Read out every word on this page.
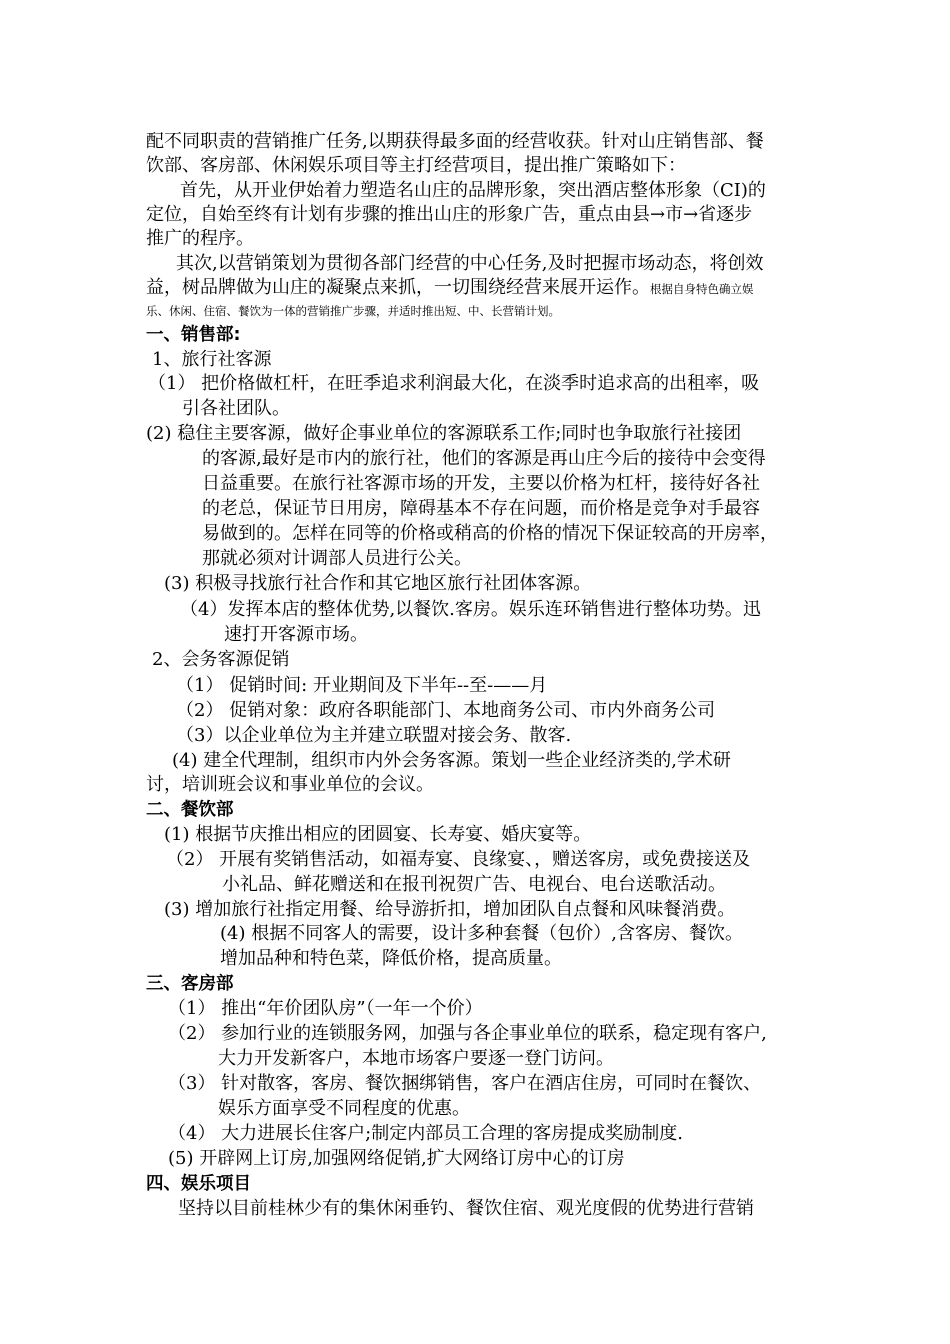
配不同职责的营销推广任务,以期获得最多面的经营收获。针对山庄销售部、餐
饮部、客房部、休闲娱乐项目等主打经营项目，提出推广策略如下：
首先，从开业伊始着力塑造名山庄的品牌形象，突出酒店整体形象（CI)的
定位，自始至终有计划有步骤的推出山庄的形象广告，重点由县→市→省逐步
推广的程序。
其次,以营销策划为贯彻各部门经营的中心任务,及时把握市场动态，将创效
益，树品牌做为山庄的凝聚点来抓，一切围绕经营来展开运作。根据自身特色确立娱
乐、休闲、住宿、餐饮为一体的营销推广步骤，并适时推出短、中、长营销计划。
一、销售部:
1、旅行社客源
（1） 把价格做杠杆，在旺季追求利润最大化，在淡季时追求高的出租率，吸
引各社团队。
(2) 稳住主要客源，做好企事业单位的客源联系工作;同时也争取旅行社接团
的客源,最好是市内的旅行社，他们的客源是再山庄今后的接待中会变得
日益重要。在旅行社客源市场的开发，主要以价格为杠杆，接待好各社
的老总，保证节日用房，障碍基本不存在问题，而价格是竞争对手最容
易做到的。怎样在同等的价格或稍高的价格的情况下保证较高的开房率，
那就必须对计调部人员进行公关。
(3) 积极寻找旅行社合作和其它地区旅行社团体客源。
（4）发挥本店的整体优势,以餐饮.客房。娱乐连环销售进行整体功势。迅
速打开客源市场。
2、会务客源促销
（1） 促销时间: 开业期间及下半年--至-——月
（2） 促销对象：政府各职能部门、本地商务公司、市内外商务公司
（3）以企业单位为主并建立联盟对接会务、散客.
(4) 建全代理制，组织市内外会务客源。策划一些企业经济类的,学术研
讨，培训班会议和事业单位的会议。
二、餐饮部
(1) 根据节庆推出相应的团圆宴、长寿宴、婚庆宴等。
（2） 开展有奖销售活动，如福寿宴、良缘宴、，赠送客房，或免费接送及
小礼品、鲜花赠送和在报刊祝贺广告、电视台、电台送歌活动。
(3) 增加旅行社指定用餐、给导游折扣，增加团队自点餐和风味餐消费。
(4) 根据不同客人的需要，设计多种套餐（包价）,含客房、餐饮。
增加品种和特色菜，降低价格，提高质量。
三、客房部
（1） 推出“年价团队房”（一年一个价）
（2） 参加行业的连锁服务网，加强与各企事业单位的联系，稳定现有客户,
大力开发新客户，本地市场客户要逐一登门访问。
（3） 针对散客，客房、餐饮捆绑销售，客户在酒店住房，可同时在餐饮、
娱乐方面享受不同程度的优惠。
（4） 大力进展长住客户;制定内部员工合理的客房提成奖励制度.
(5) 开辟网上订房,加强网络促销,扩大网络订房中心的订房
四、娱乐项目
坚持以目前桂林少有的集休闲垂钓、餐饮住宿、观光度假的优势进行营销
